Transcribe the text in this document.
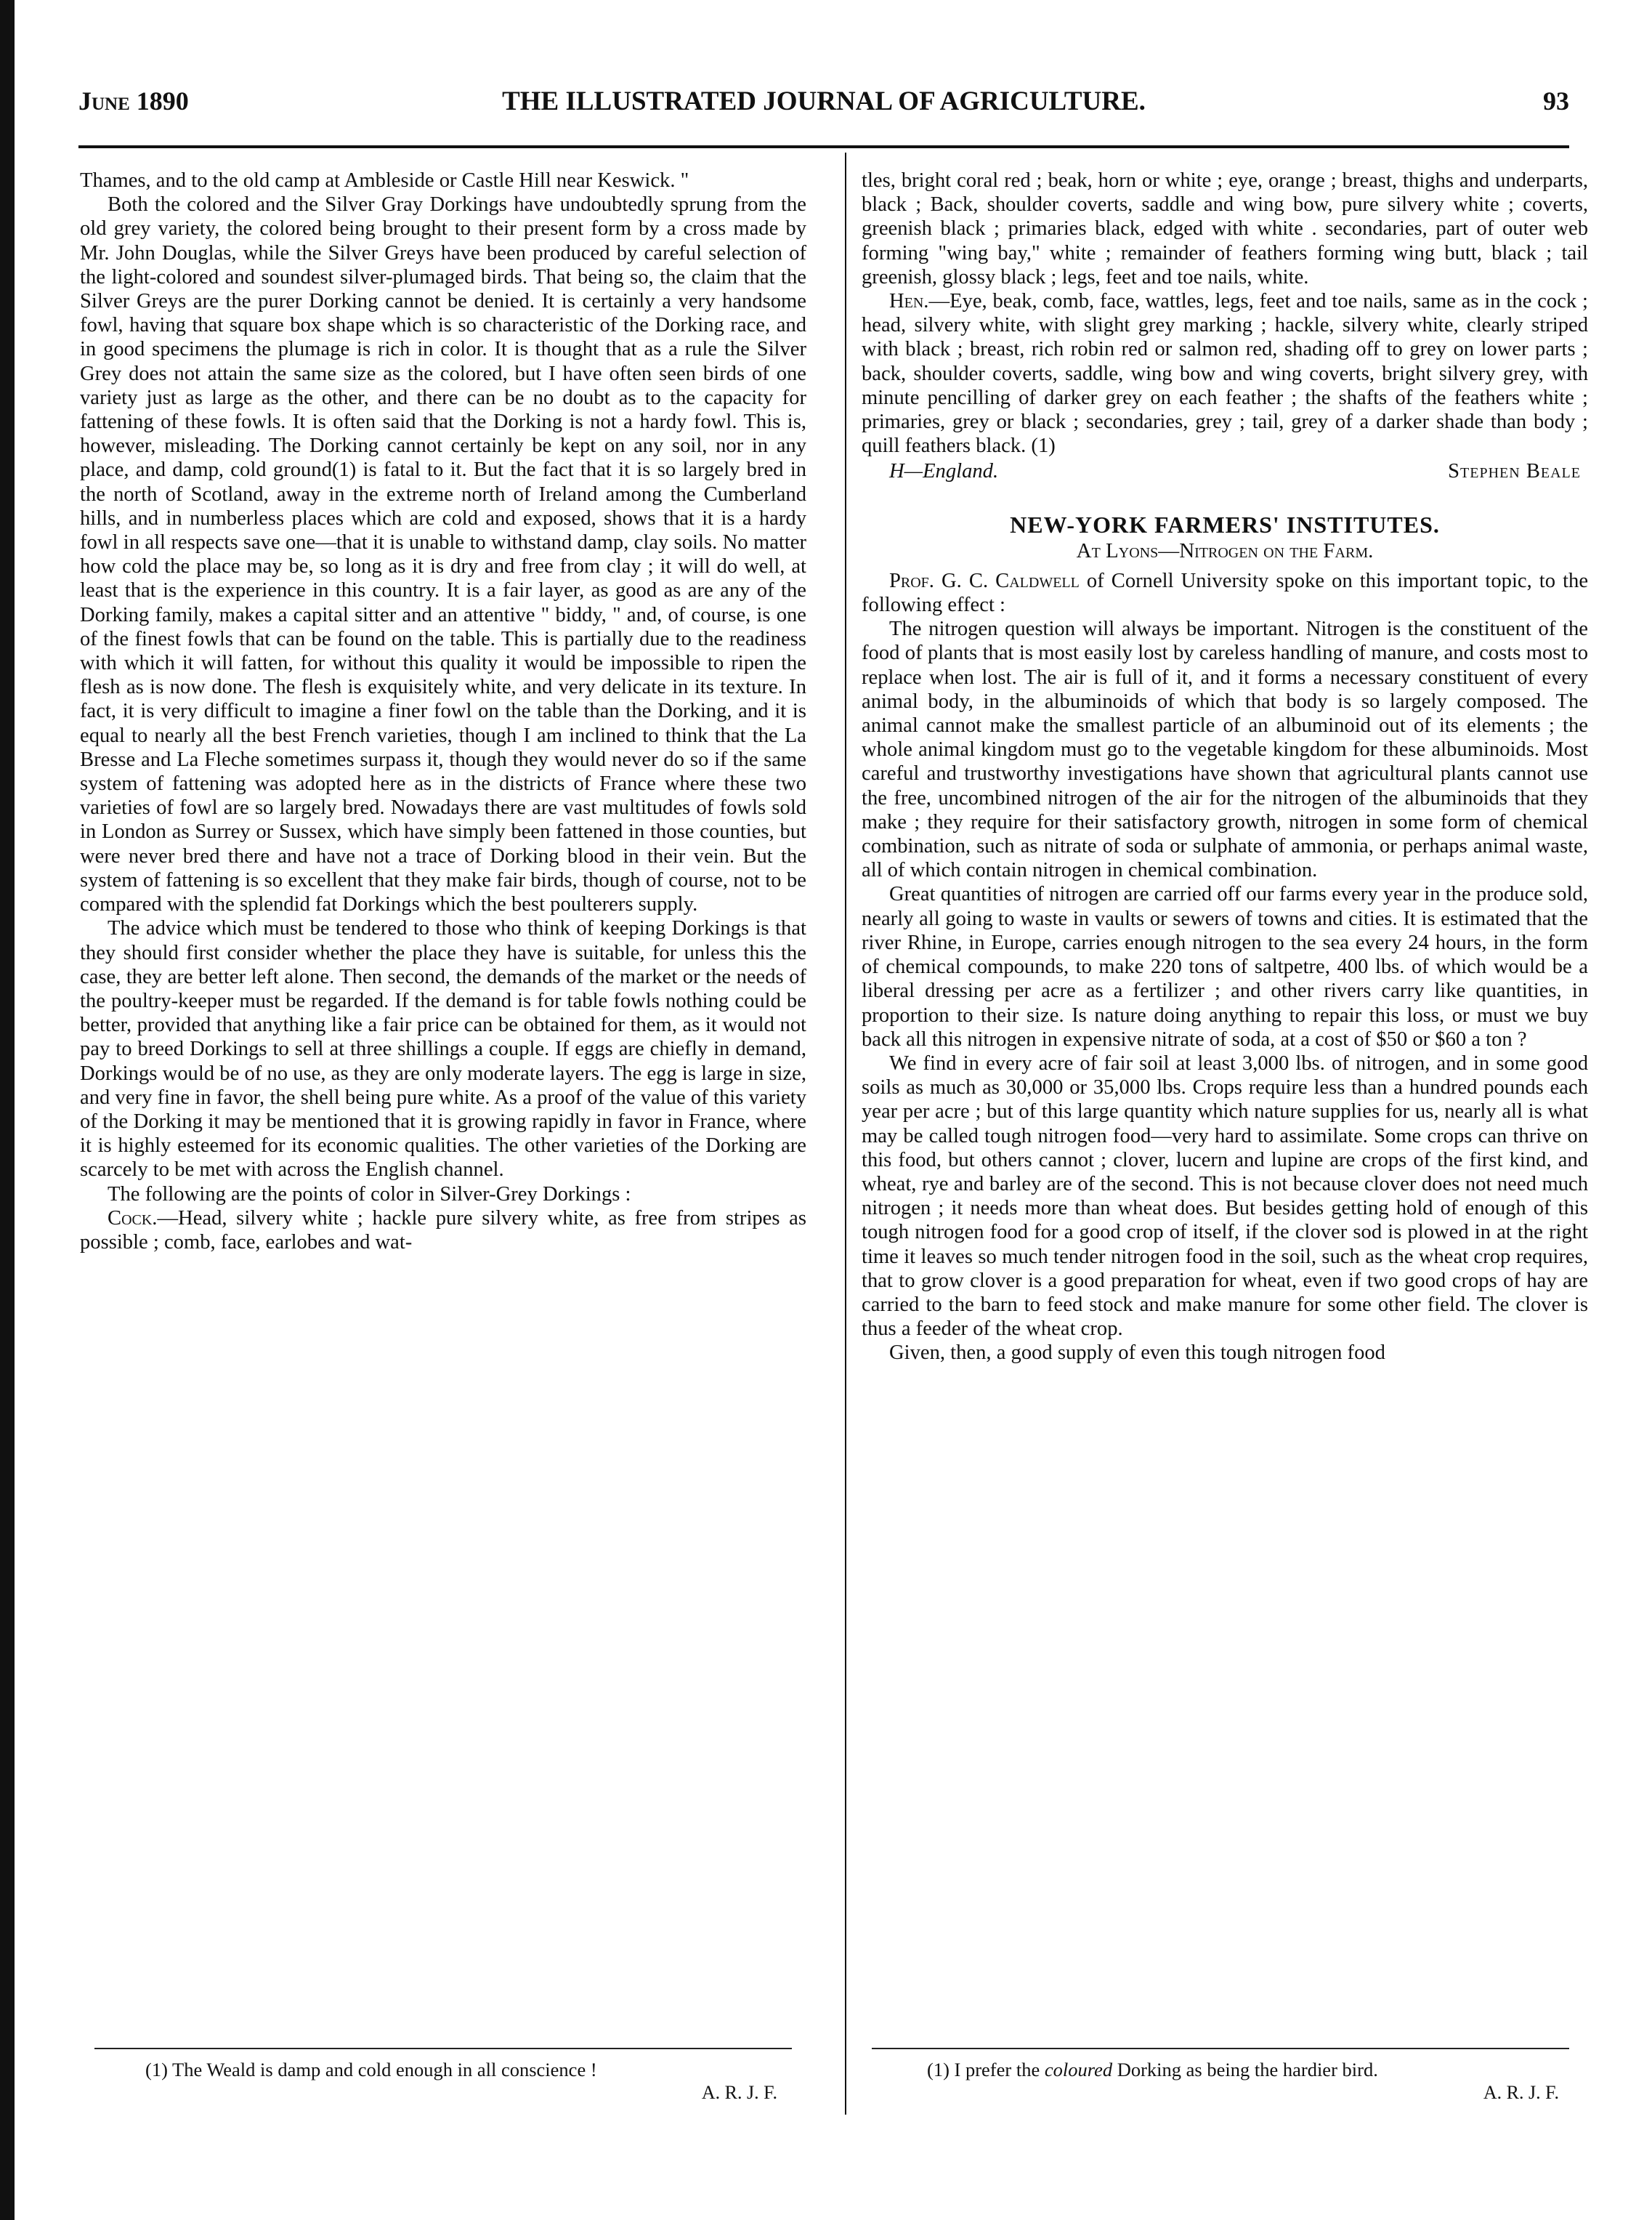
THE ILLUSTRATED JOURNAL OF AGRICULTURE.
June 1890	93

Thames, and to the old camp at Ambleside or Castle Hill near Keswick. "

Both the colored and the Silver Gray Dorkings have undoubtedly sprung from the old grey variety, the colored being brought to their present form by a cross made by Mr. John Douglas, while the Silver Greys have been produced by careful selection of the light-colored and soundest silver-plumaged birds. That being so, the claim that the Silver Greys are the purer Dorking cannot be denied. It is certainly a very handsome fowl, having that square box shape which is so characteristic of the Dorking race, and in good specimens the plumage is rich in color. It is thought that as a rule the Silver Grey does not attain the same size as the colored, but I have often seen birds of one variety just as large as the other, and there can be no doubt as to the capacity for fattening of these fowls. It is often said that the Dorking is not a hardy fowl. This is, however, misleading. The Dorking cannot certainly be kept on any soil, nor in any place, and damp, cold ground(1) is fatal to it. But the fact that it is so largely bred in the north of Scotland, away in the extreme north of Ireland among the Cumberland hills, and in numberless places which are cold and exposed, shows that it is a hardy fowl in all respects save one—that it is unable to withstand damp, clay soils. No matter how cold the place may be, so long as it is dry and free from clay ; it will do well, at least that is the experience in this country. It is a fair layer, as good as are any of the Dorking family, makes a capital sitter and an attentive " biddy, " and, of course, is one of the finest fowls that can be found on the table. This is partially due to the readiness with which it will fatten, for without this quality it would be impossible to ripen the flesh as is now done. The flesh is exquisitely white, and very delicate in its texture. In fact, it is very difficult to imagine a finer fowl on the table than the Dorking, and it is equal to nearly all the best French varieties, though I am inclined to think that the La Bresse and La Fleche sometimes surpass it, though they would never do so if the same system of fattening was adopted here as in the districts of France where these two varieties of fowl are so largely bred. Nowadays there are vast multitudes of fowls sold in London as Surrey or Sussex, which have simply been fattened in those counties, but were never bred there and have not a trace of Dorking blood in their vein. But the system of fattening is so excellent that they make fair birds, though of course, not to be compared with the splendid fat Dorkings which the best poulterers supply.

The advice which must be tendered to those who think of keeping Dorkings is that they should first consider whether the place they have is suitable, for unless this the case, they are better left alone. Then second, the demands of the market or the needs of the poultry-keeper must be regarded. If the demand is for table fowls nothing could be better, provided that anything like a fair price can be obtained for them, as it would not pay to breed Dorkings to sell at three shillings a couple. If eggs are chiefly in demand, Dorkings would be of no use, as they are only moderate layers. The egg is large in size, and very fine in favor, the shell being pure white. As a proof of the value of this variety of the Dorking it may be mentioned that it is growing rapidly in favor in France, where it is highly esteemed for its economic qualities. The other varieties of the Dorking are scarcely to be met with across the English channel.

The following are the points of color in Silver-Grey Dorkings :

Cock.—Head, silvery white ; hackle pure silvery white, as free from stripes as possible ; comb, face, earlobes and wat-

tles, bright coral red ; beak, horn or white ; eye, orange ; breast, thighs and underparts, black ; Back, shoulder coverts, saddle and wing bow, pure silvery white ; coverts, greenish black ; primaries black, edged with white . secondaries, part of outer web forming "wing bay," white ; remainder of feathers forming wing butt, black ; tail greenish, glossy black ; legs, feet and toe nails, white.

Hen.—Eye, beak, comb, face, wattles, legs, feet and toe nails, same as in the cock ; head, silvery white, with slight grey marking ; hackle, silvery white, clearly striped with black ; breast, rich robin red or salmon red, shading off to grey on lower parts ; back, shoulder coverts, saddle, wing bow and wing coverts, bright silvery grey, with minute pencilling of darker grey on each feather ; the shafts of the feathers white ; primaries, grey or black ; secondaries, grey ; tail, grey of a darker shade than body ; quill feathers black. (1)

H—England.	Stephen Beale
NEW-YORK FARMERS' INSTITUTES.
At Lyons—Nitrogen on the Farm.

Prof. G. C. Caldwell of Cornell University spoke on this important topic, to the following effect :

The nitrogen question will always be important. Nitrogen is the constituent of the food of plants that is most easily lost by careless handling of manure, and costs most to replace when lost. The air is full of it, and it forms a necessary constituent of every animal body, in the albuminoids of which that body is so largely composed. The animal cannot make the smallest particle of an albuminoid out of its elements ; the whole animal kingdom must go to the vegetable kingdom for these albuminoids. Most careful and trustworthy investigations have shown that agricultural plants cannot use the free, uncombined nitrogen of the air for the nitrogen of the albuminoids that they make ; they require for their satisfactory growth, nitrogen in some form of chemical combination, such as nitrate of soda or sulphate of ammonia, or perhaps animal waste, all of which contain nitrogen in chemical combination.

Great quantities of nitrogen are carried off our farms every year in the produce sold, nearly all going to waste in vaults or sewers of towns and cities. It is estimated that the river Rhine, in Europe, carries enough nitrogen to the sea every 24 hours, in the form of chemical compounds, to make 220 tons of saltpetre, 400 lbs. of which would be a liberal dressing per acre as a fertilizer ; and other rivers carry like quantities, in proportion to their size. Is nature doing anything to repair this loss, or must we buy back all this nitrogen in expensive nitrate of soda, at a cost of $50 or $60 a ton ?

We find in every acre of fair soil at least 3,000 lbs. of nitrogen, and in some good soils as much as 30,000 or 35,000 lbs. Crops require less than a hundred pounds each year per acre ; but of this large quantity which nature supplies for us, nearly all is what may be called tough nitrogen food—very hard to assimilate. Some crops can thrive on this food, but others cannot ; clover, lucern and lupine are crops of the first kind, and wheat, rye and barley are of the second. This is not because clover does not need much nitrogen ; it needs more than wheat does. But besides getting hold of enough of this tough nitrogen food for a good crop of itself, if the clover sod is plowed in at the right time it leaves so much tender nitrogen food in the soil, such as the wheat crop requires, that to grow clover is a good preparation for wheat, even if two good crops of hay are carried to the barn to feed stock and make manure for some other field. The clover is thus a feeder of the wheat crop.

Given, then, a good supply of even this tough nitrogen food

(1) The Weald is damp and cold enough in all conscience !
A. R. J. F.
(1) I prefer the coloured Dorking as being the hardier bird.
A. R. J. F.
